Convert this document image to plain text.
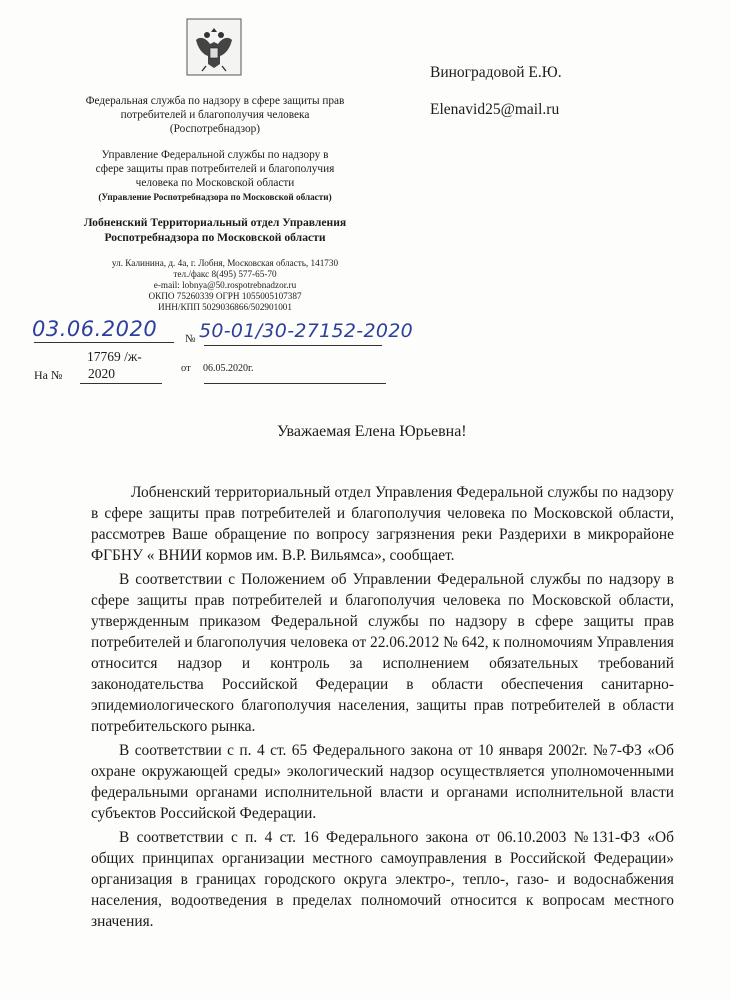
Федеральная служба по надзору в сфере защиты прав
потребителей и благополучия человека
(Роспотребнадзор)
Управление Федеральной службы по надзору в
сфере защиты прав потребителей и благополучия
человека по Московской области
(Управление Роспотребнадзора по Московской области)
Лобненский Территориальный отдел Управления
Роспотребнадзора по Московской области
ул. Калинина, д. 4а, г. Лобня, Московская область, 141730
тел./факс 8(495) 577-65-70
e-mail: lobnya@50.rospotrebnadzor.ru
ОКПО 75260339 ОГРН 1055005107387
ИНН/КПП 5029036866/502901001
Виноградовой Е.Ю.
Elenavid25@mail.ru
03.06.2020	№ 50-01/30-27152-2020
17769 /ж-
На № 2020	от 06.05.2020г.
Уважаемая Елена Юрьевна!

Лобненский территориальный отдел Управления Федеральной службы по надзору в сфере защиты прав потребителей и благополучия человека по Московской области, рассмотрев Ваше обращение по вопросу загрязнения реки Раздерихи в микрорайоне ФГБНУ « ВНИИ кормов им. В.Р. Вильямса», сообщает.

В соответствии с Положением об Управлении Федеральной службы по надзору в сфере защиты прав потребителей и благополучия человека по Московской области, утвержденным приказом Федеральной службы по надзору в сфере защиты прав потребителей и благополучия человека от 22.06.2012 № 642, к полномочиям Управления относится надзор и контроль за исполнением обязательных требований законодательства Российской Федерации в области обеспечения санитарно-эпидемиологического благополучия населения, защиты прав потребителей в области потребительского рынка.

В соответствии с п. 4 ст. 65 Федерального закона от 10 января 2002г. №7-ФЗ «Об охране окружающей среды» экологический надзор осуществляется уполномоченными федеральными органами исполнительной власти и органами исполнительной власти субъектов Российской Федерации.

В соответствии с п. 4 ст. 16 Федерального закона от 06.10.2003 №131-ФЗ «Об общих принципах организации местного самоуправления в Российской Федерации» организация в границах городского округа электро-, тепло-, газо- и водоснабжения населения, водоотведения в пределах полномочий относится к вопросам местного значения.
